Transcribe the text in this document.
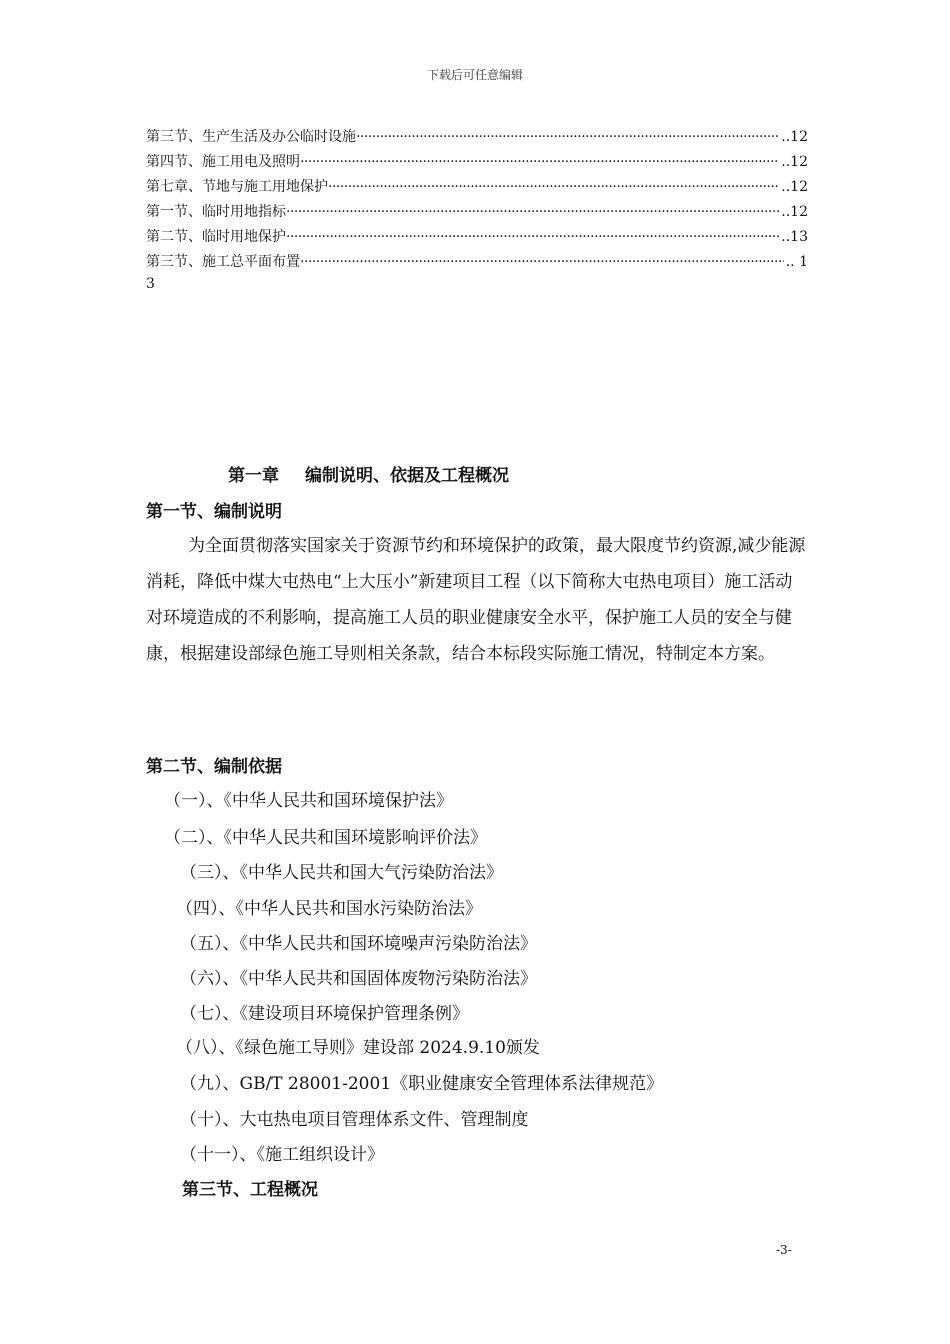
下载后可任意编辑
第三节、生产生活及办公临时设施 ·····	..12
第四节、施工用电及照明 ·····	..12
第七章、节地与施工用地保护 ·····	..12
第一节、临时用地指标 ·····	..12
第二节、临时用地保护 ·····	..13
第三节、施工总平面布置 ·····	.. 1
3
第一章 编制说明、依据及工程概况
第一节、编制说明

为全面贯彻落实国家关于资源节约和环境保护的政策，最大限度节约资源,减少能源消耗，降低中煤大屯热电“上大压小”新建项目工程（以下简称大屯热电项目）施工活动对环境造成的不利影响，提高施工人员的职业健康安全水平，保护施工人员的安全与健康，根据建设部绿色施工导则相关条款，结合本标段实际施工情况，特制定本方案。

第二节、编制依据
（一）、《中华人民共和国环境保护法》
（二）、《中华人民共和国环境影响评价法》
（三）、《中华人民共和国大气污染防治法》
（四）、《中华人民共和国水污染防治法》
（五）、《中华人民共和国环境噪声污染防治法》
（六）、《中华人民共和国固体废物污染防治法》
（七）、《建设项目环境保护管理条例》
（八）、《绿色施工导则》建设部 2024.9.10颁发
（九）、GB/T 28001-2001《职业健康安全管理体系法律规范》
（十）、大屯热电项目管理体系文件、管理制度
（十一）、《施工组织设计》
第三节、工程概况
-3-
